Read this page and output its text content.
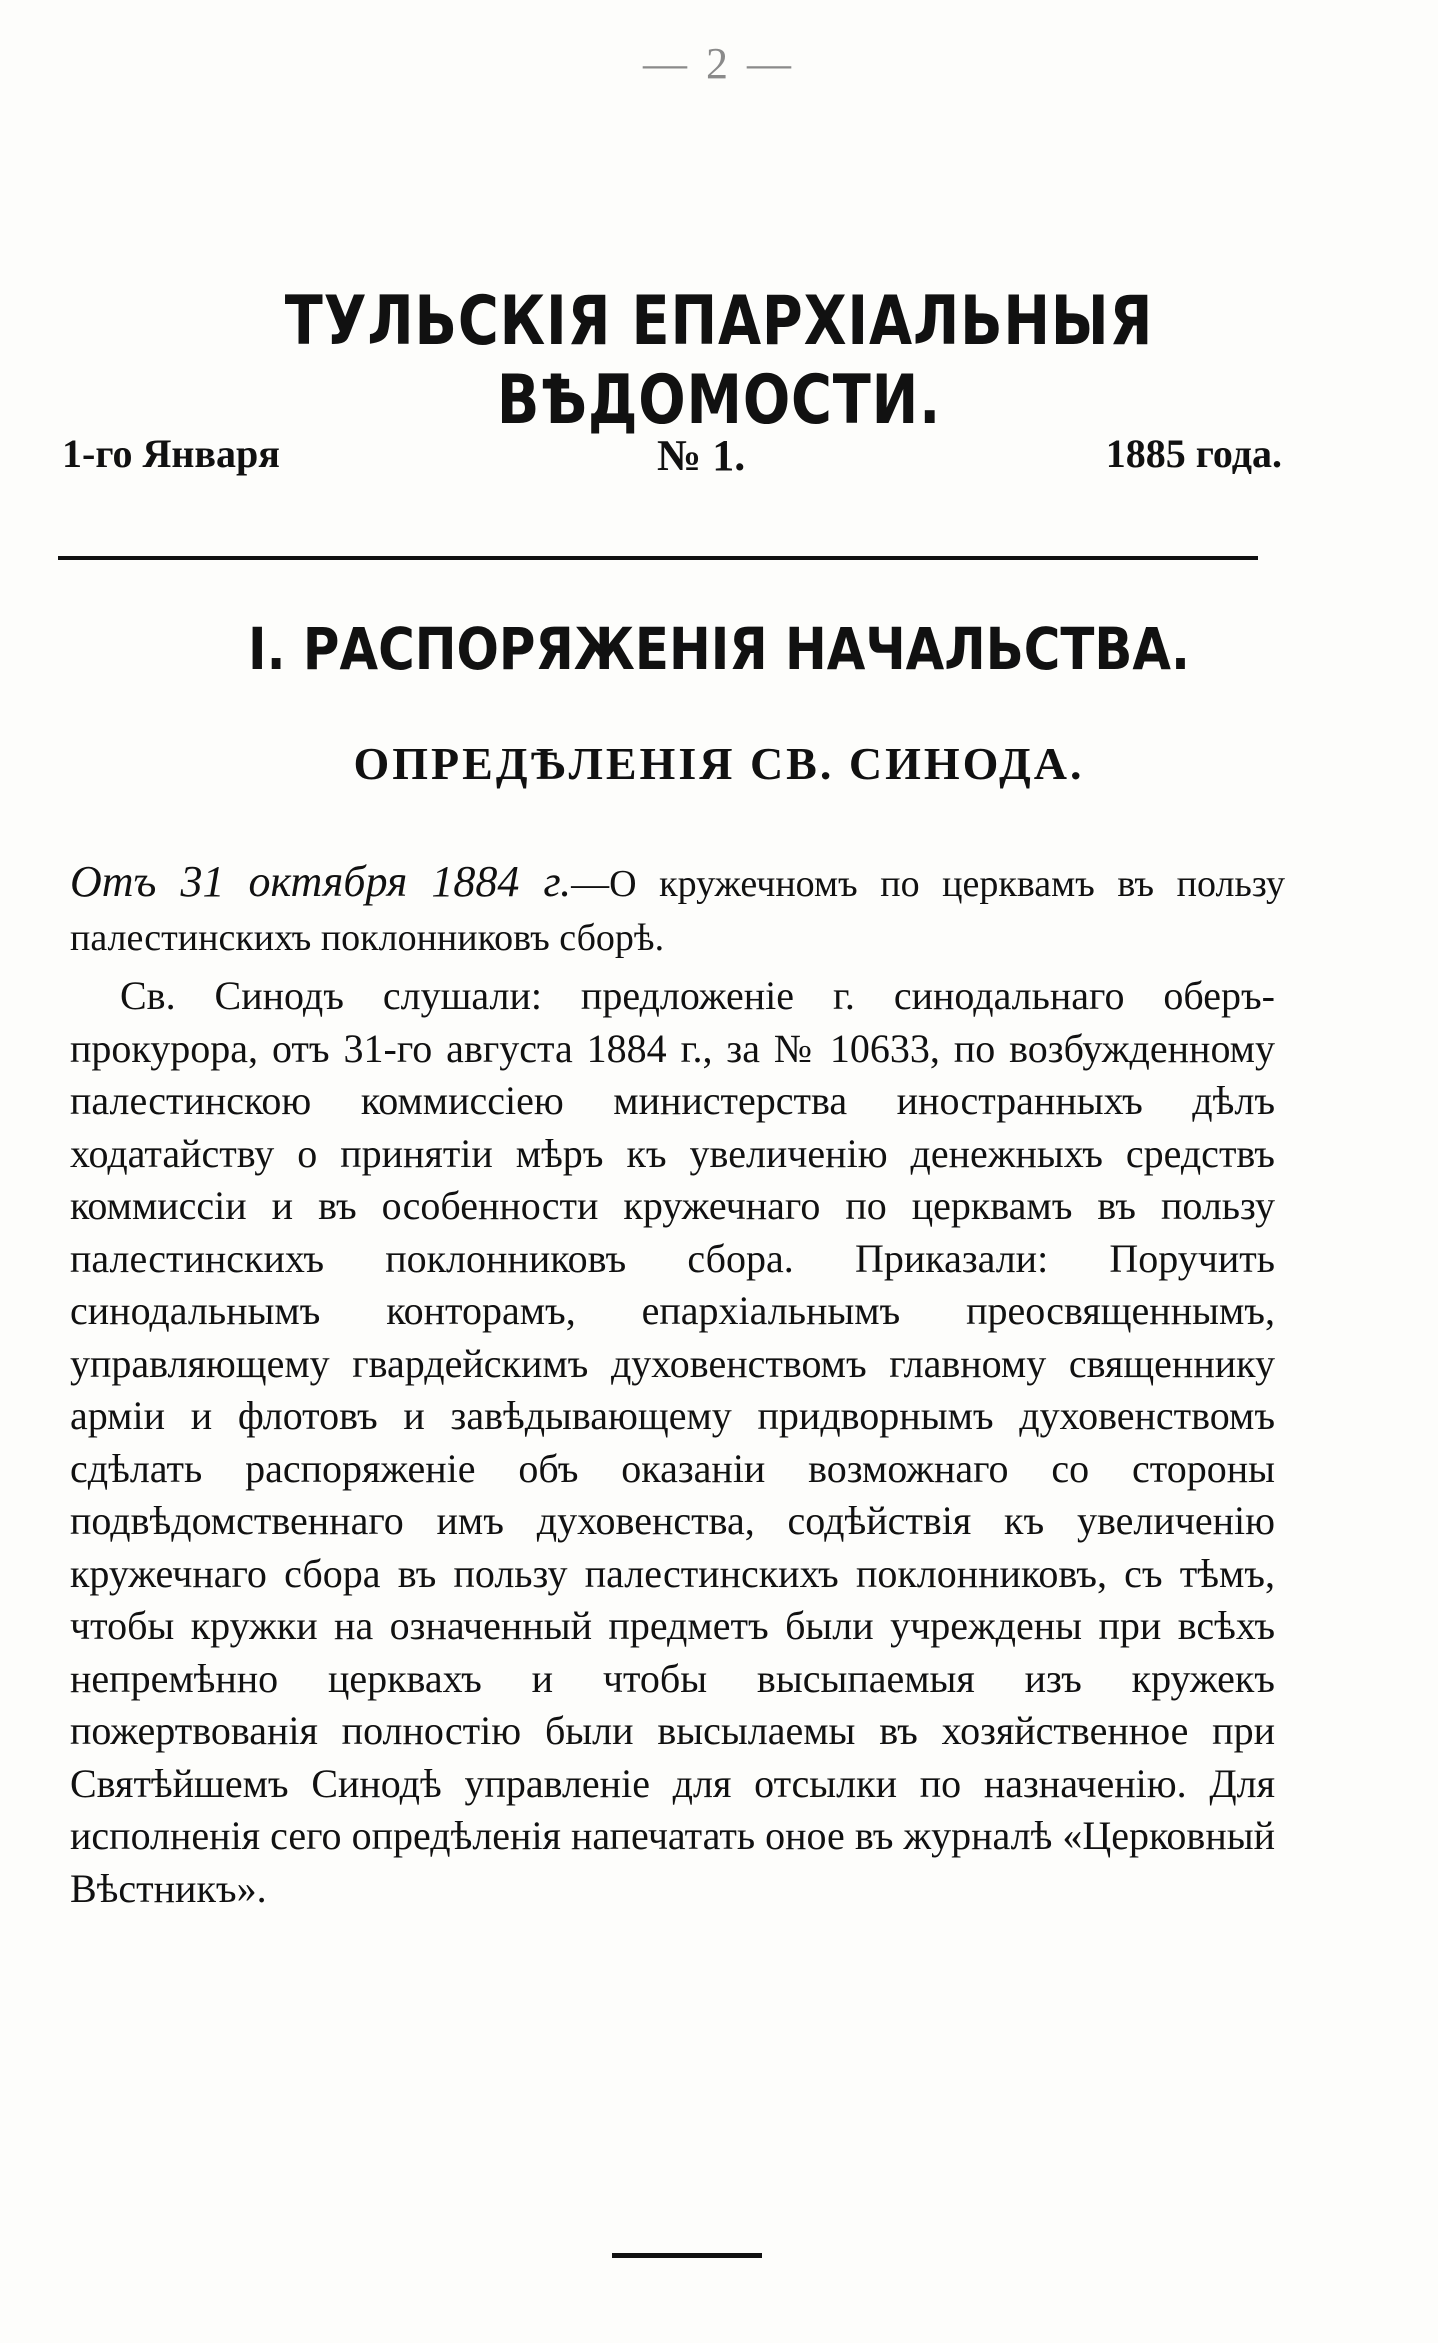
— 2 —
ТУЛЬСКІЯ ЕПАРХІАЛЬНЫЯ ВѢДОМОСТИ.
1-го Января	№ 1.	1885 года.
I. РАСПОРЯЖЕНІЯ НАЧАЛЬСТВА.
ОПРЕДѢЛЕНІЯ СВ. СИНОДА.
Отъ 31 октября 1884 г.—О кружечномъ по церквамъ въ пользу палестинскихъ поклонниковъ сборѣ.
Св. Синодъ слушали: предложеніе г. синодальнаго оберъ-прокурора, отъ 31-го августа 1884 г., за № 10633, по возбужденному палестинскою коммисcіею министерства иностранныхъ дѣлъ ходатайству о принятіи мѣръ къ увеличенію денежныхъ средствъ коммиссіи и въ особенности кружечнаго по церквамъ въ пользу палестинскихъ поклонниковъ сбора. Приказали: Поручить синодальнымъ конторамъ, епархіальнымъ преосвященнымъ, управляющему гвардейскимъ духовенствомъ главному священнику арміи и флотовъ и завѣдывающему придворнымъ духовенствомъ сдѣлать распоряженіе объ оказаніи возможнаго со стороны подвѣдомственнаго имъ духовенства, содѣйствія къ увеличенію кружечнаго сбора въ пользу палестинскихъ поклонниковъ, съ тѣмъ, чтобы кружки на означенный предметъ были учреждены при всѣхъ непремѣнно церквахъ и чтобы высыпаемыя изъ кружекъ пожертвованія полностію были высылаемы въ хозяйственное при Святѣйшемъ Синодѣ управленіе для отсылки по назначенію. Для исполненія сего опредѣленія напечатать оное въ журналѣ «Церковный Вѣстникъ».
